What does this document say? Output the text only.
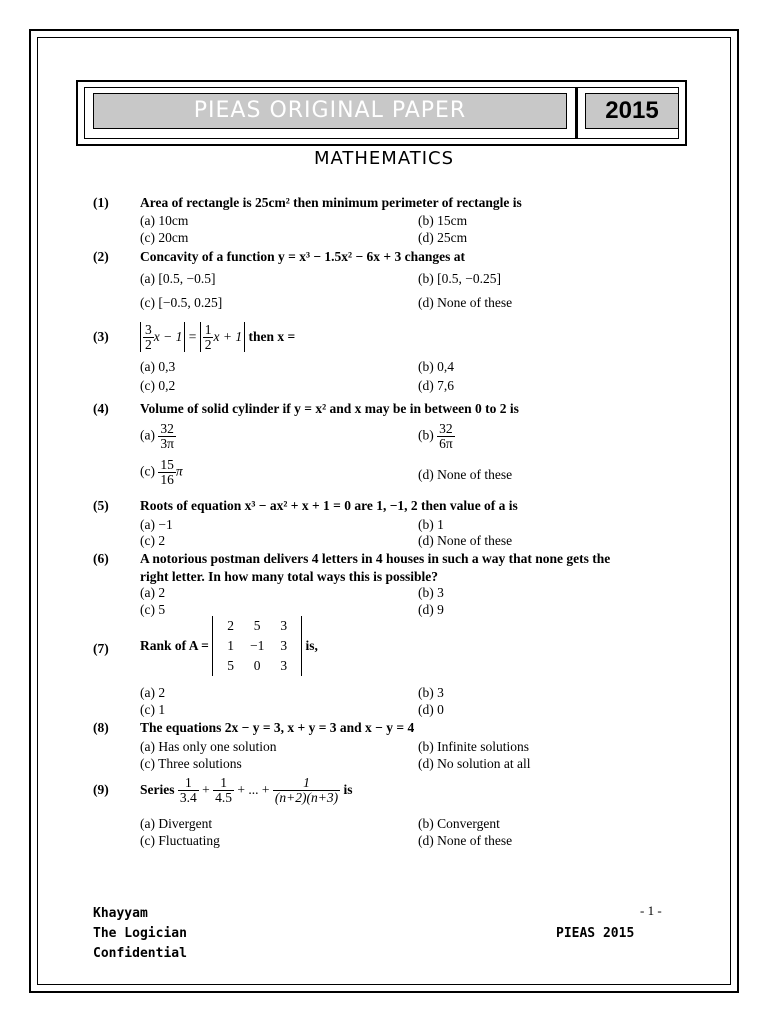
PIEAS ORIGINAL PAPER	2015
MATHEMATICS
(1) Area of rectangle is 25cm² then minimum perimeter of rectangle is
(a) 10cm	(b) 15cm
(c) 20cm	(d) 25cm
(2) Concavity of a function y = x³ − 1.5x² − 6x + 3 changes at
(a) [0.5, −0.5]	(b) [0.5, −0.25]
(c) [−0.5, 0.25]	(d) None of these
(3)	$\frac{3}{2}$ $x - 1 = \frac{1}{2}$ x + 1 then x =
(a) 0,3	(b) 0,4
(c) 0,2	(d) 7,6
(4) Volume of solid cylinder if y = x² and x may be in between 0 to 2 is
$(a) \frac{32}{3\pi}$	$(b) \frac{32}{6\pi}$
$(c) \frac{15}{16}$ π	(d) None of these
(5) Roots of equation x³ − ax² + x + 1 = 0 are 1, −1, 2 then value of a is
(a) −1	(b) 1
(c) 2	(d) None of these
(6) A notorious postman delivers 4 letters in 4 houses in such a way that none gets the
right letter. In how many total ways this is possible?
(a) 2	(b) 3
(c) 5	(d) 9
(7) Rank of A =
2	5	3
1	−1	3
5	0	3
is,
(a) 2	(b) 3
(c) 1	(d) 0
(8) The equations 2x − y = 3, x + y = 3 and x − y = 4
(a) Has only one solution	(b) Infinite solutions
(c) Three solutions	(d) No solution at all
(9) Series $\frac{1}{3.4} + \frac{1}{4.5}$ + ... + $\frac{1}{(n+2)(n+3)}$ is
(a) Divergent	(b) Convergent
(c) Fluctuating	(d) None of these
Khayyam
The Logician
Confidential
- 1 -
PIEAS 2015
